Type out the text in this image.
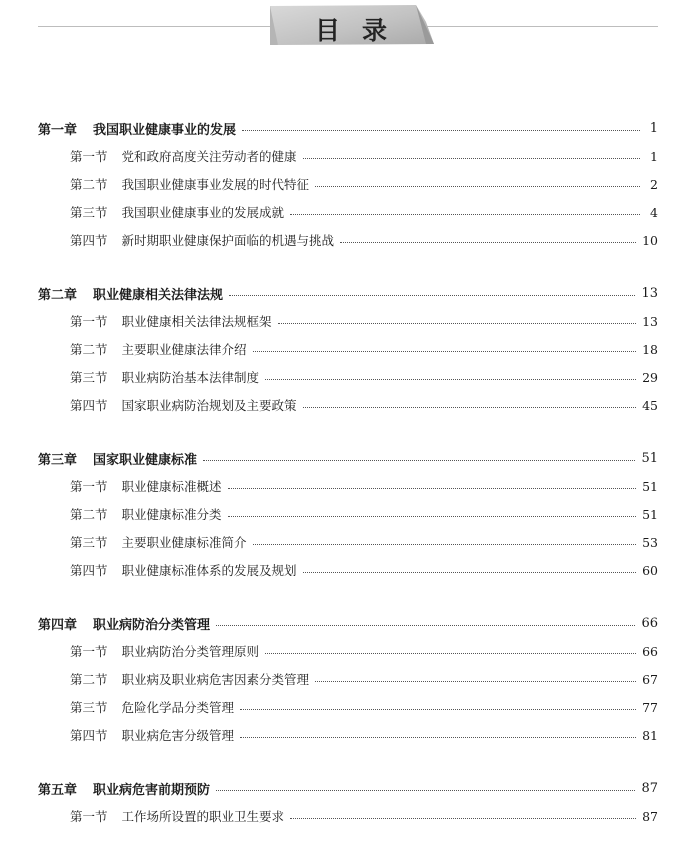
目录
第一章 我国职业健康事业的发展	1
第一节 党和政府高度关注劳动者的健康	1
第二节 我国职业健康事业发展的时代特征	2
第三节 我国职业健康事业的发展成就	4
第四节 新时期职业健康保护面临的机遇与挑战	10
第二章 职业健康相关法律法规	13
第一节 职业健康相关法律法规框架	13
第二节 主要职业健康法律介绍	18
第三节 职业病防治基本法律制度	29
第四节 国家职业病防治规划及主要政策	45
第三章 国家职业健康标准	51
第一节 职业健康标准概述	51
第二节 职业健康标准分类	51
第三节 主要职业健康标准简介	53
第四节 职业健康标准体系的发展及规划	60
第四章 职业病防治分类管理	66
第一节 职业病防治分类管理原则	66
第二节 职业病及职业病危害因素分类管理	67
第三节 危险化学品分类管理	77
第四节 职业病危害分级管理	81
第五章 职业病危害前期预防	87
第一节 工作场所设置的职业卫生要求	87
